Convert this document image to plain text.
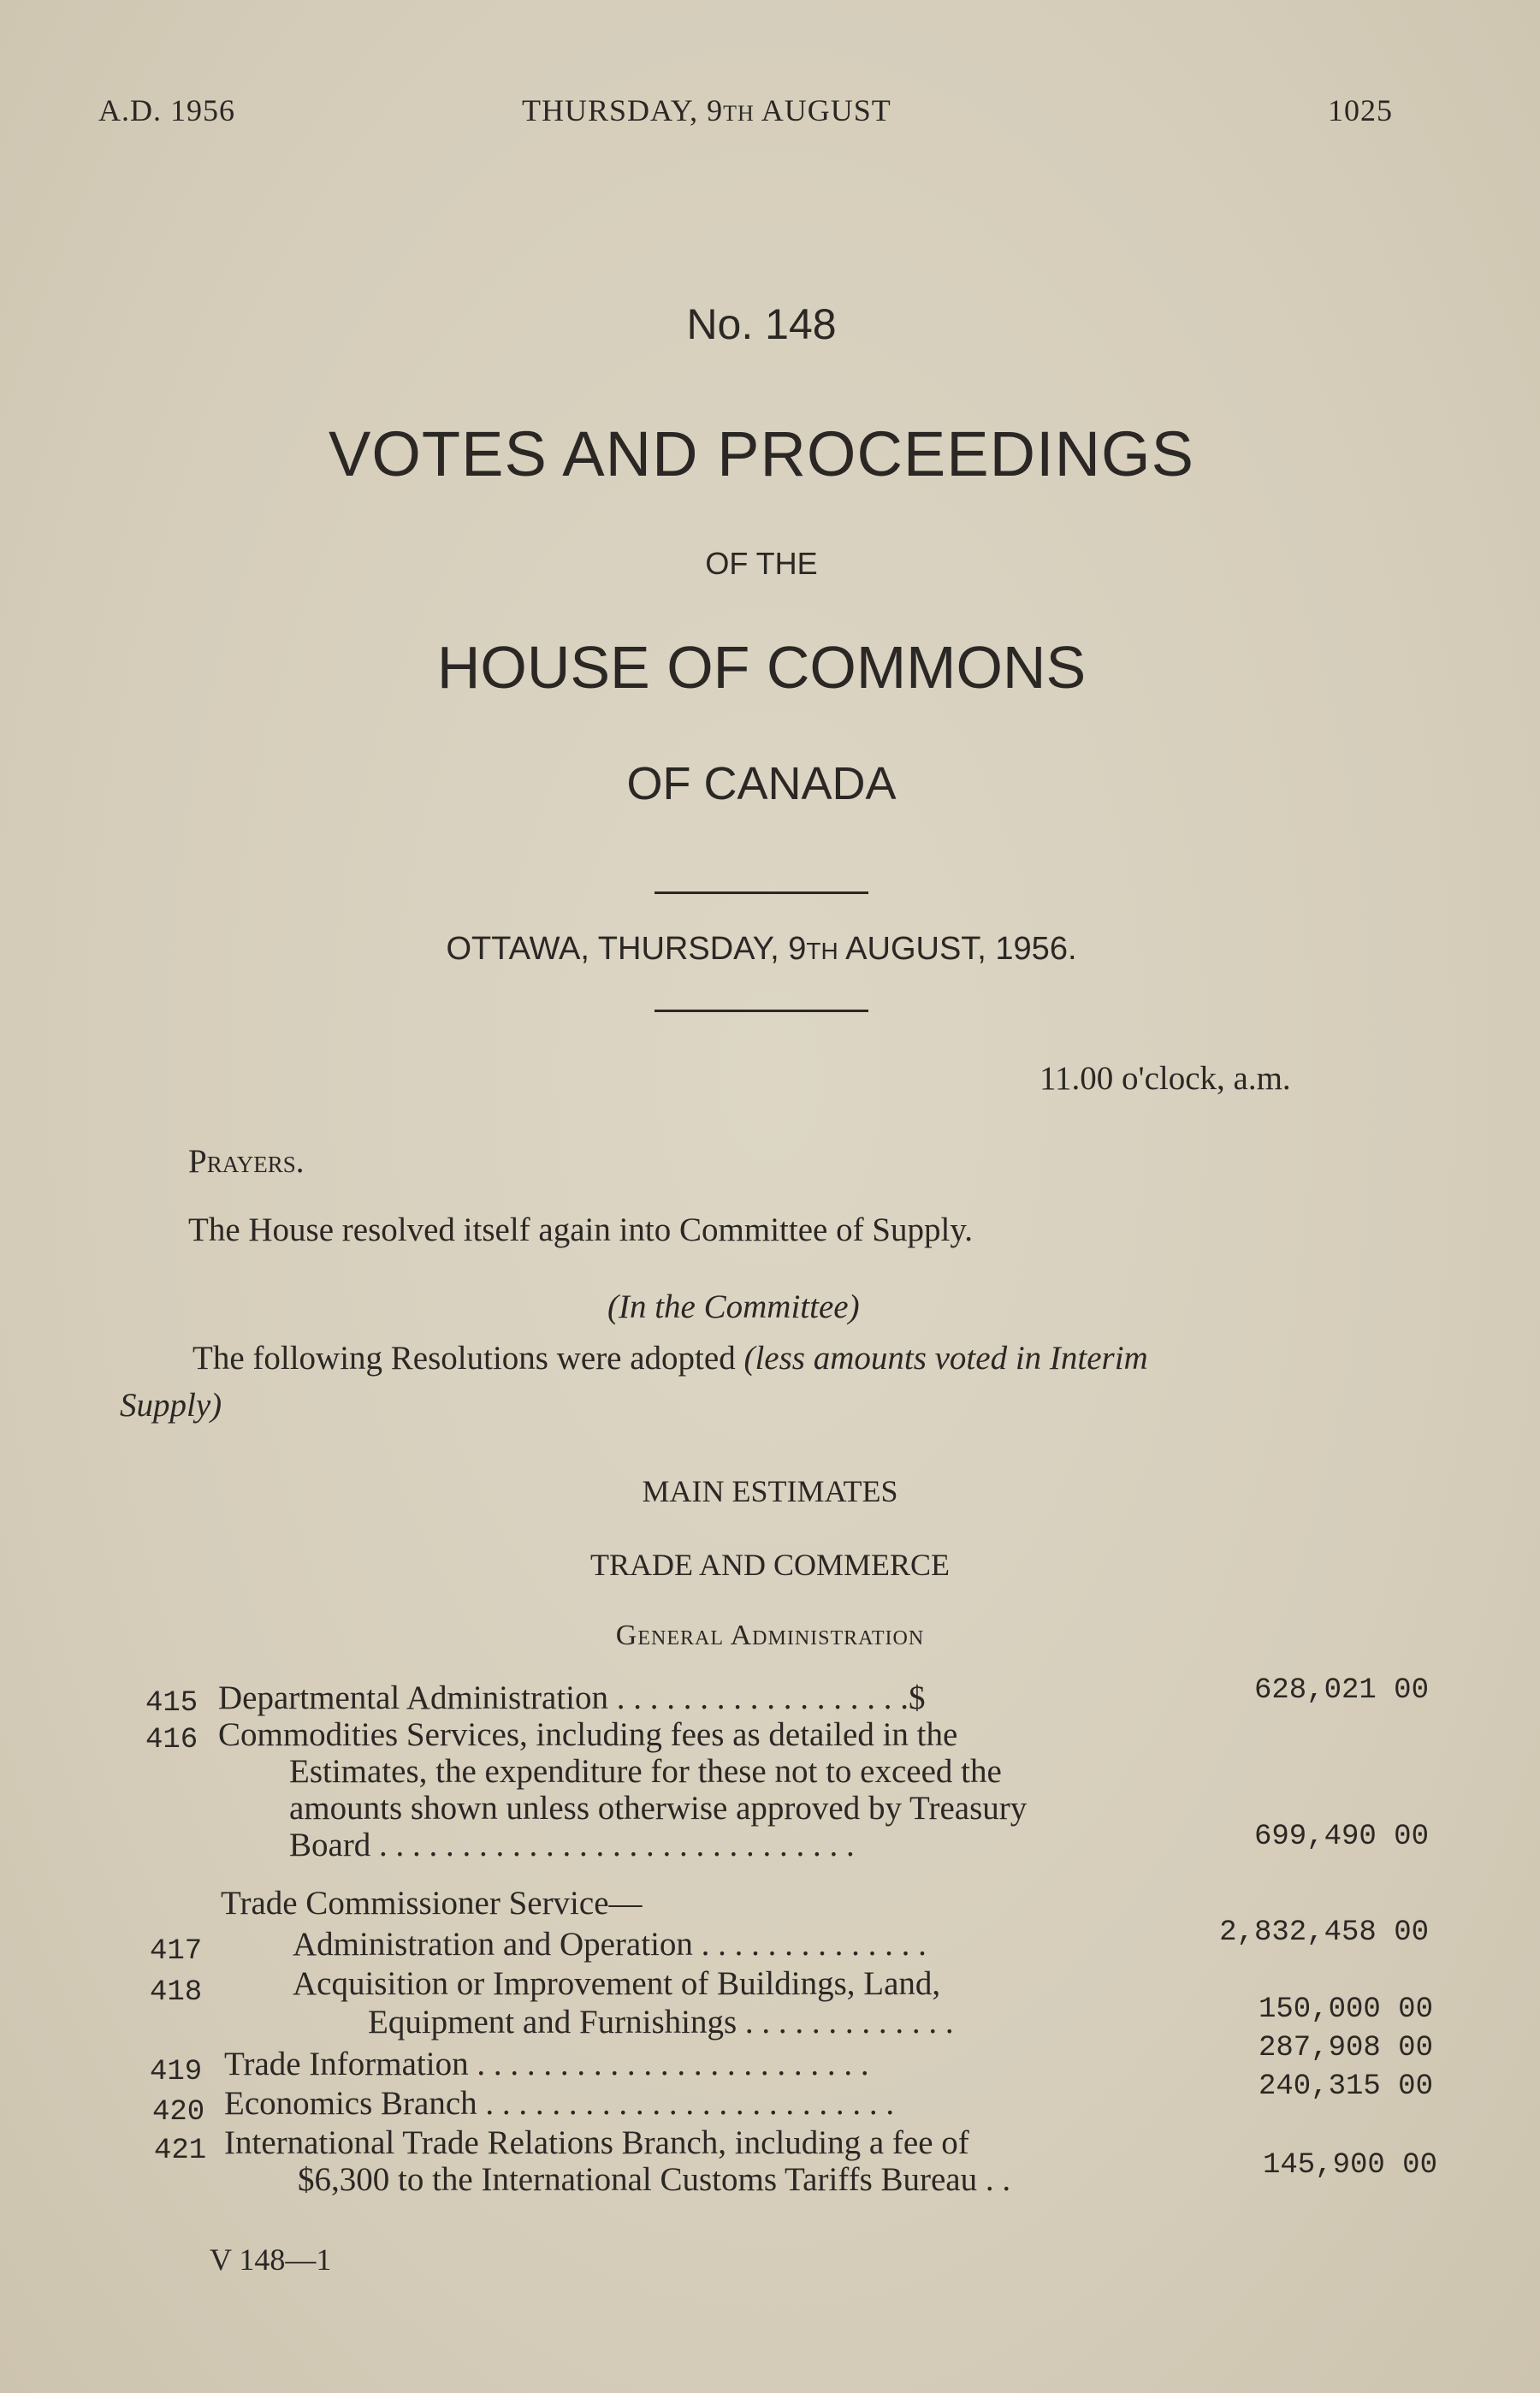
A.D. 1956	THURSDAY, 9TH AUGUST	1025
No. 148
VOTES AND PROCEEDINGS
OF THE
HOUSE OF COMMONS
OF CANADA
OTTAWA, THURSDAY, 9TH AUGUST, 1956.
11.00 o'clock, a.m.
Prayers.
The House resolved itself again into Committee of Supply.
(In the Committee)
The following Resolutions were adopted (less amounts voted in Interim
Supply)
MAIN ESTIMATES
TRADE AND COMMERCE
General Administration
415 Departmental Administration . . . . . . . . . . . . . . . . . .$	628,021 00
416 Commodities Services, including fees as detailed in the
Estimates, the expenditure for these not to exceed the
amounts shown unless otherwise approved by Treasury
Board . . . . . . . . . . . . . . . . . . . . . . . . . . . . .	699,490 00
Trade Commissioner Service—
417	Administration and Operation . . . . . . . . . . . . . .	2,832,458 00
418	Acquisition or Improvement of Buildings, Land,
Equipment and Furnishings . . . . . . . . . . . . .	150,000 00
419 Trade Information . . . . . . . . . . . . . . . . . . . . . . . .	287,908 00
420 Economics Branch . . . . . . . . . . . . . . . . . . . . . . . . .	240,315 00
421 International Trade Relations Branch, including a fee of
$6,300 to the International Customs Tariffs Bureau . .	145,900 00
V 148—1
